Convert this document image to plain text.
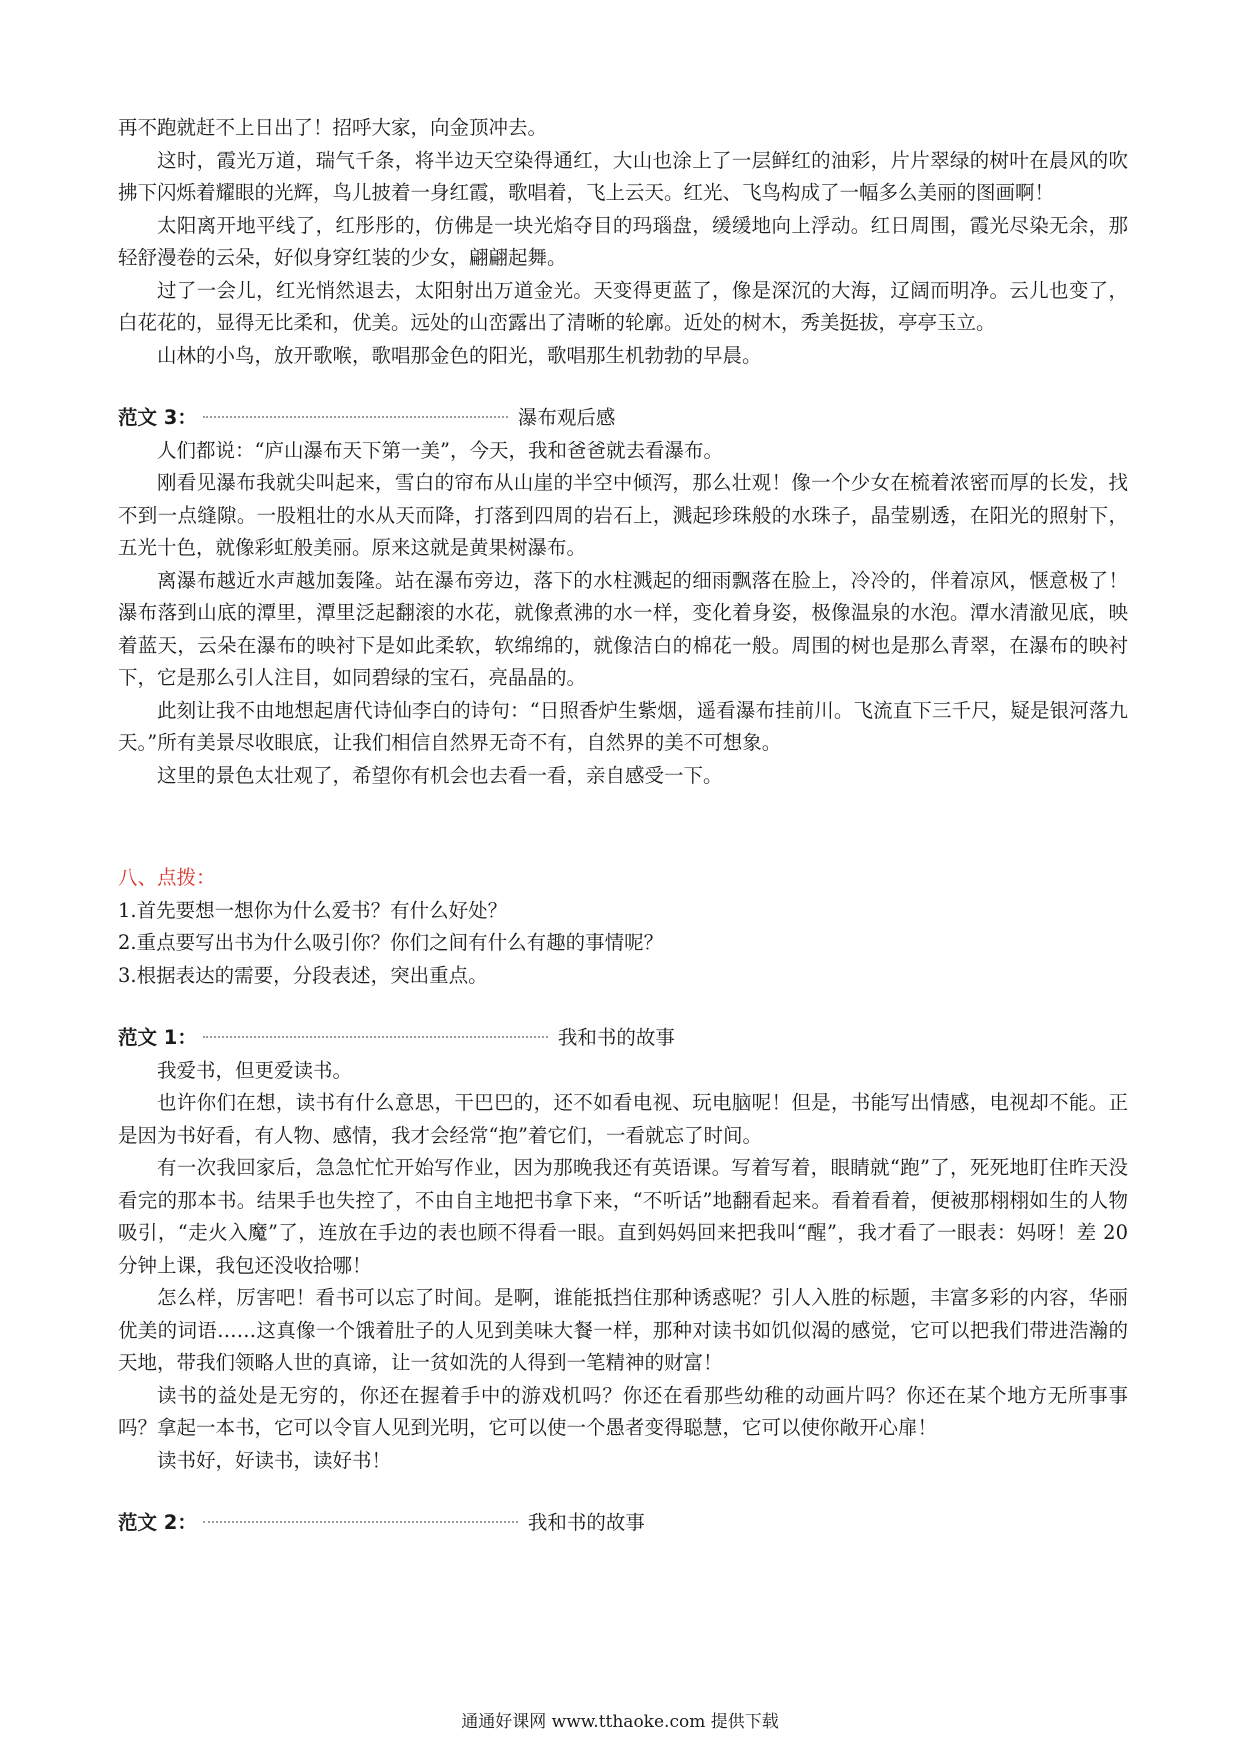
再不跑就赶不上日出了！招呼大家，向金顶冲去。

这时，霞光万道，瑞气千条，将半边天空染得通红，大山也涂上了一层鲜红的油彩，片片翠绿的树叶在晨风的吹拂下闪烁着耀眼的光辉，鸟儿披着一身红霞，歌唱着，飞上云天。红光、飞鸟构成了一幅多么美丽的图画啊！

太阳离开地平线了，红彤彤的，仿佛是一块光焰夺目的玛瑙盘，缓缓地向上浮动。红日周围，霞光尽染无余，那轻舒漫卷的云朵，好似身穿红装的少女，翩翩起舞。

过了一会儿，红光悄然退去，太阳射出万道金光。天变得更蓝了，像是深沉的大海，辽阔而明净。云儿也变了，白花花的，显得无比柔和，优美。远处的山峦露出了清晰的轮廓。近处的树木，秀美挺拔，亭亭玉立。

山林的小鸟，放开歌喉，歌唱那金色的阳光，歌唱那生机勃勃的早晨。

范文 3：	瀑布观后感

人们都说：“庐山瀑布天下第一美”，今天，我和爸爸就去看瀑布。

刚看见瀑布我就尖叫起来，雪白的帘布从山崖的半空中倾泻，那么壮观！像一个少女在梳着浓密而厚的长发，找不到一点缝隙。一股粗壮的水从天而降，打落到四周的岩石上，溅起珍珠般的水珠子，晶莹剔透，在阳光的照射下，五光十色，就像彩虹般美丽。原来这就是黄果树瀑布。

离瀑布越近水声越加轰隆。站在瀑布旁边，落下的水柱溅起的细雨飘落在脸上，冷冷的，伴着凉风，惬意极了！瀑布落到山底的潭里，潭里泛起翻滚的水花，就像煮沸的水一样，变化着身姿，极像温泉的水泡。潭水清澈见底，映着蓝天，云朵在瀑布的映衬下是如此柔软，软绵绵的，就像洁白的棉花一般。周围的树也是那么青翠，在瀑布的映衬下，它是那么引人注目，如同碧绿的宝石，亮晶晶的。

此刻让我不由地想起唐代诗仙李白的诗句：“日照香炉生紫烟，遥看瀑布挂前川。飞流直下三千尺，疑是银河落九天。”所有美景尽收眼底，让我们相信自然界无奇不有，自然界的美不可想象。

这里的景色太壮观了，希望你有机会也去看一看，亲自感受一下。

八、点拨：

1.首先要想一想你为什么爱书？有什么好处？

2.重点要写出书为什么吸引你？你们之间有什么有趣的事情呢？

3.根据表达的需要，分段表述，突出重点。

范文 1：	我和书的故事

我爱书，但更爱读书。

也许你们在想，读书有什么意思，干巴巴的，还不如看电视、玩电脑呢！但是，书能写出情感，电视却不能。正是因为书好看，有人物、感情，我才会经常“抱”着它们，一看就忘了时间。

有一次我回家后，急急忙忙开始写作业，因为那晚我还有英语课。写着写着，眼睛就“跑”了，死死地盯住昨天没看完的那本书。结果手也失控了，不由自主地把书拿下来，“不听话”地翻看起来。看着看着，便被那栩栩如生的人物吸引，“走火入魔”了，连放在手边的表也顾不得看一眼。直到妈妈回来把我叫“醒”，我才看了一眼表：妈呀！差 20 分钟上课，我包还没收拾哪！

怎么样，厉害吧！看书可以忘了时间。是啊，谁能抵挡住那种诱惑呢？引人入胜的标题，丰富多彩的内容，华丽优美的词语……这真像一个饿着肚子的人见到美味大餐一样，那种对读书如饥似渴的感觉，它可以把我们带进浩瀚的天地，带我们领略人世的真谛，让一贫如洗的人得到一笔精神的财富！

读书的益处是无穷的，你还在握着手中的游戏机吗？你还在看那些幼稚的动画片吗？你还在某个地方无所事事吗？拿起一本书，它可以令盲人见到光明，它可以使一个愚者变得聪慧，它可以使你敞开心扉！

读书好，好读书，读好书！

范文 2：	我和书的故事
通通好课网 www.tthaoke.com 提供下载
